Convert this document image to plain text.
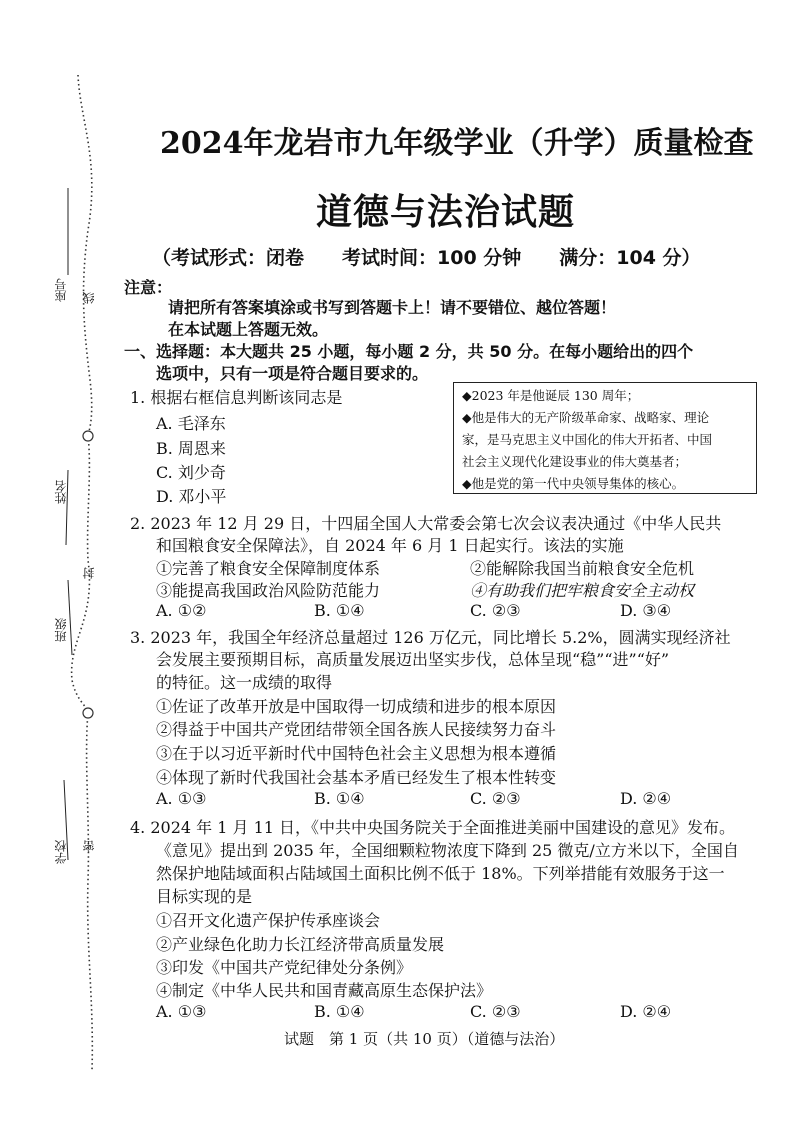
座号
姓名
班级
学校
线
封
密
2024年龙岩市九年级学业（升学）质量检查
道德与法治试题
（考试形式：闭卷　　考试时间：100 分钟　　满分：104 分）
注意：
请把所有答案填涂或书写到答题卡上！请不要错位、越位答题！
在本试题上答题无效。
一、选择题：本大题共 25 小题，每小题 2 分，共 50 分。在每小题给出的四个
选项中，只有一项是符合题目要求的。
1. 根据右框信息判断该同志是
A. 毛泽东
B. 周恩来
C. 刘少奇
D. 邓小平
◆2023 年是他诞辰 130 周年；
◆他是伟大的无产阶级革命家、战略家、理论
家，是马克思主义中国化的伟大开拓者、中国
社会主义现代化建设事业的伟大奠基者；
◆他是党的第一代中央领导集体的核心。
2. 2023 年 12 月 29 日，十四届全国人大常委会第七次会议表决通过《中华人民共
和国粮食安全保障法》，自 2024 年 6 月 1 日起实行。该法的实施
①完善了粮食安全保障制度体系	②能解除我国当前粮食安全危机
③能提高我国政治风险防范能力	④有助我们把牢粮食安全主动权
A. ①②	B. ①④	C. ②③	D. ③④
3. 2023 年，我国全年经济总量超过 126 万亿元，同比增长 5.2%，圆满实现经济社
会发展主要预期目标，高质量发展迈出坚实步伐，总体呈现“稳”“进”“好”
的特征。这一成绩的取得
①佐证了改革开放是中国取得一切成绩和进步的根本原因
②得益于中国共产党团结带领全国各族人民接续努力奋斗
③在于以习近平新时代中国特色社会主义思想为根本遵循
④体现了新时代我国社会基本矛盾已经发生了根本性转变
A. ①③	B. ①④	C. ②③	D. ②④
4. 2024 年 1 月 11 日，《中共中央国务院关于全面推进美丽中国建设的意见》发布。
《意见》提出到 2035 年，全国细颗粒物浓度下降到 25 微克/立方米以下，全国自
然保护地陆域面积占陆域国土面积比例不低于 18%。下列举措能有效服务于这一
目标实现的是
①召开文化遗产保护传承座谈会
②产业绿色化助力长江经济带高质量发展
③印发《中国共产党纪律处分条例》
④制定《中华人民共和国青藏高原生态保护法》
A. ①③	B. ①④	C. ②③	D. ②④
试题　第 1 页（共 10 页）（道德与法治）
